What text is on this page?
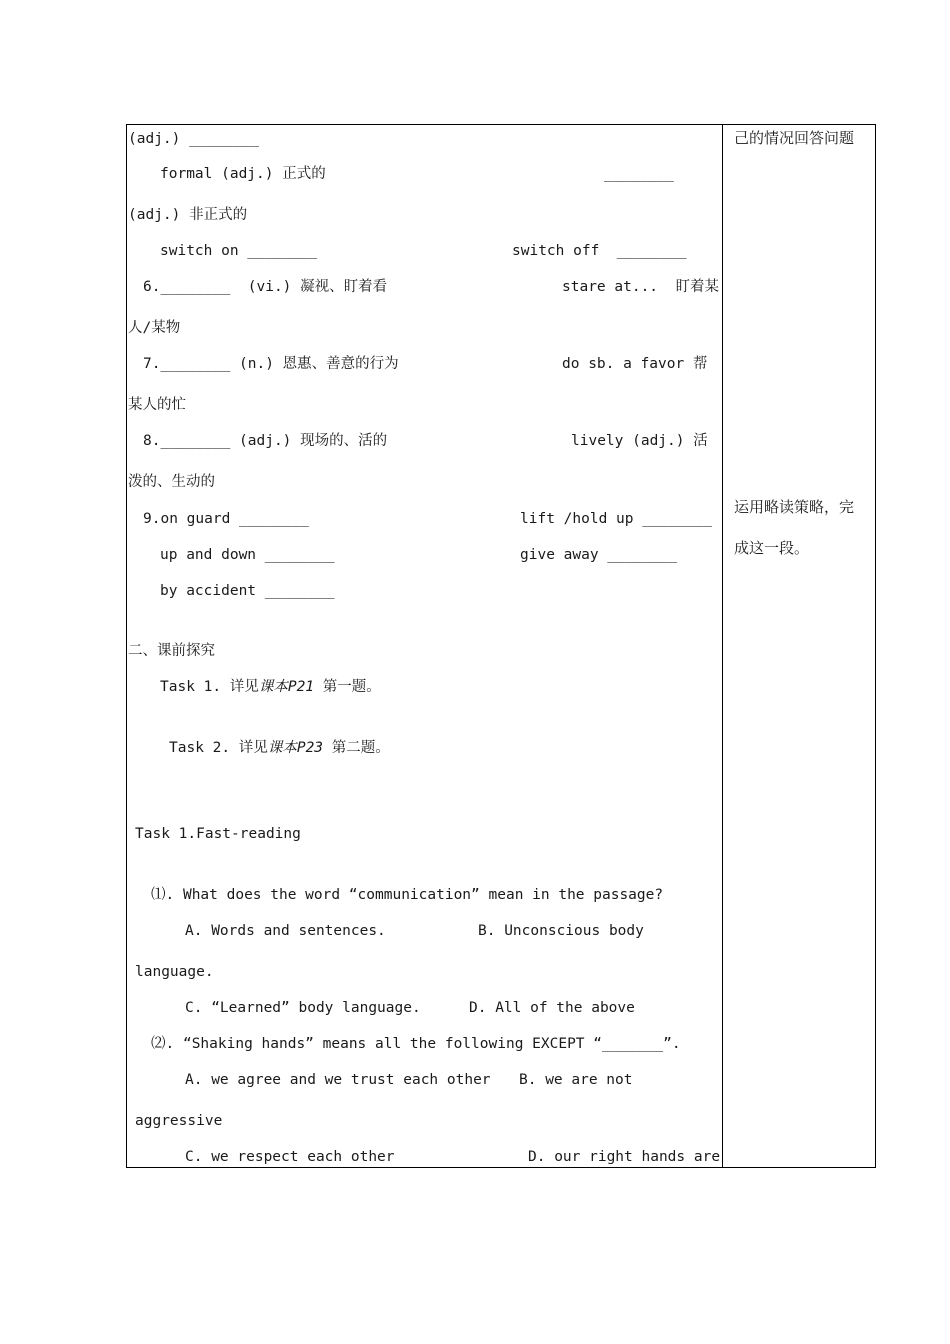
己的情况回答问题
运用略读策略，完
成这一段。
(adj.) ________
formal (adj.) 正式的	________
(adj.) 非正式的
switch on ________	switch off  ________
6.________  (vi.) 凝视、盯着看	stare at...  盯着某
人/某物
7.________ (n.) 恩惠、善意的行为	do sb. a favor 帮
某人的忙
8.________ (adj.) 现场的、活的	lively (adj.) 活
泼的、生动的
9.on guard ________	lift /hold up ________
up and down ________	give away ________
by accident ________
二、课前探究
Task 1. 详见课本P21 第一题。
Task 2. 详见课本P23 第二题。
Task 1.Fast-reading
⑴. What does the word “communication” mean in the passage?
A. Words and sentences.	B. Unconscious body
language.
C. “Learned” body language.	D. All of the above
⑵. “Shaking hands” means all the following EXCEPT “_______”.
A. we agree and we trust each other B. we are not
aggressive
C. we respect each other	D. our right hands are
